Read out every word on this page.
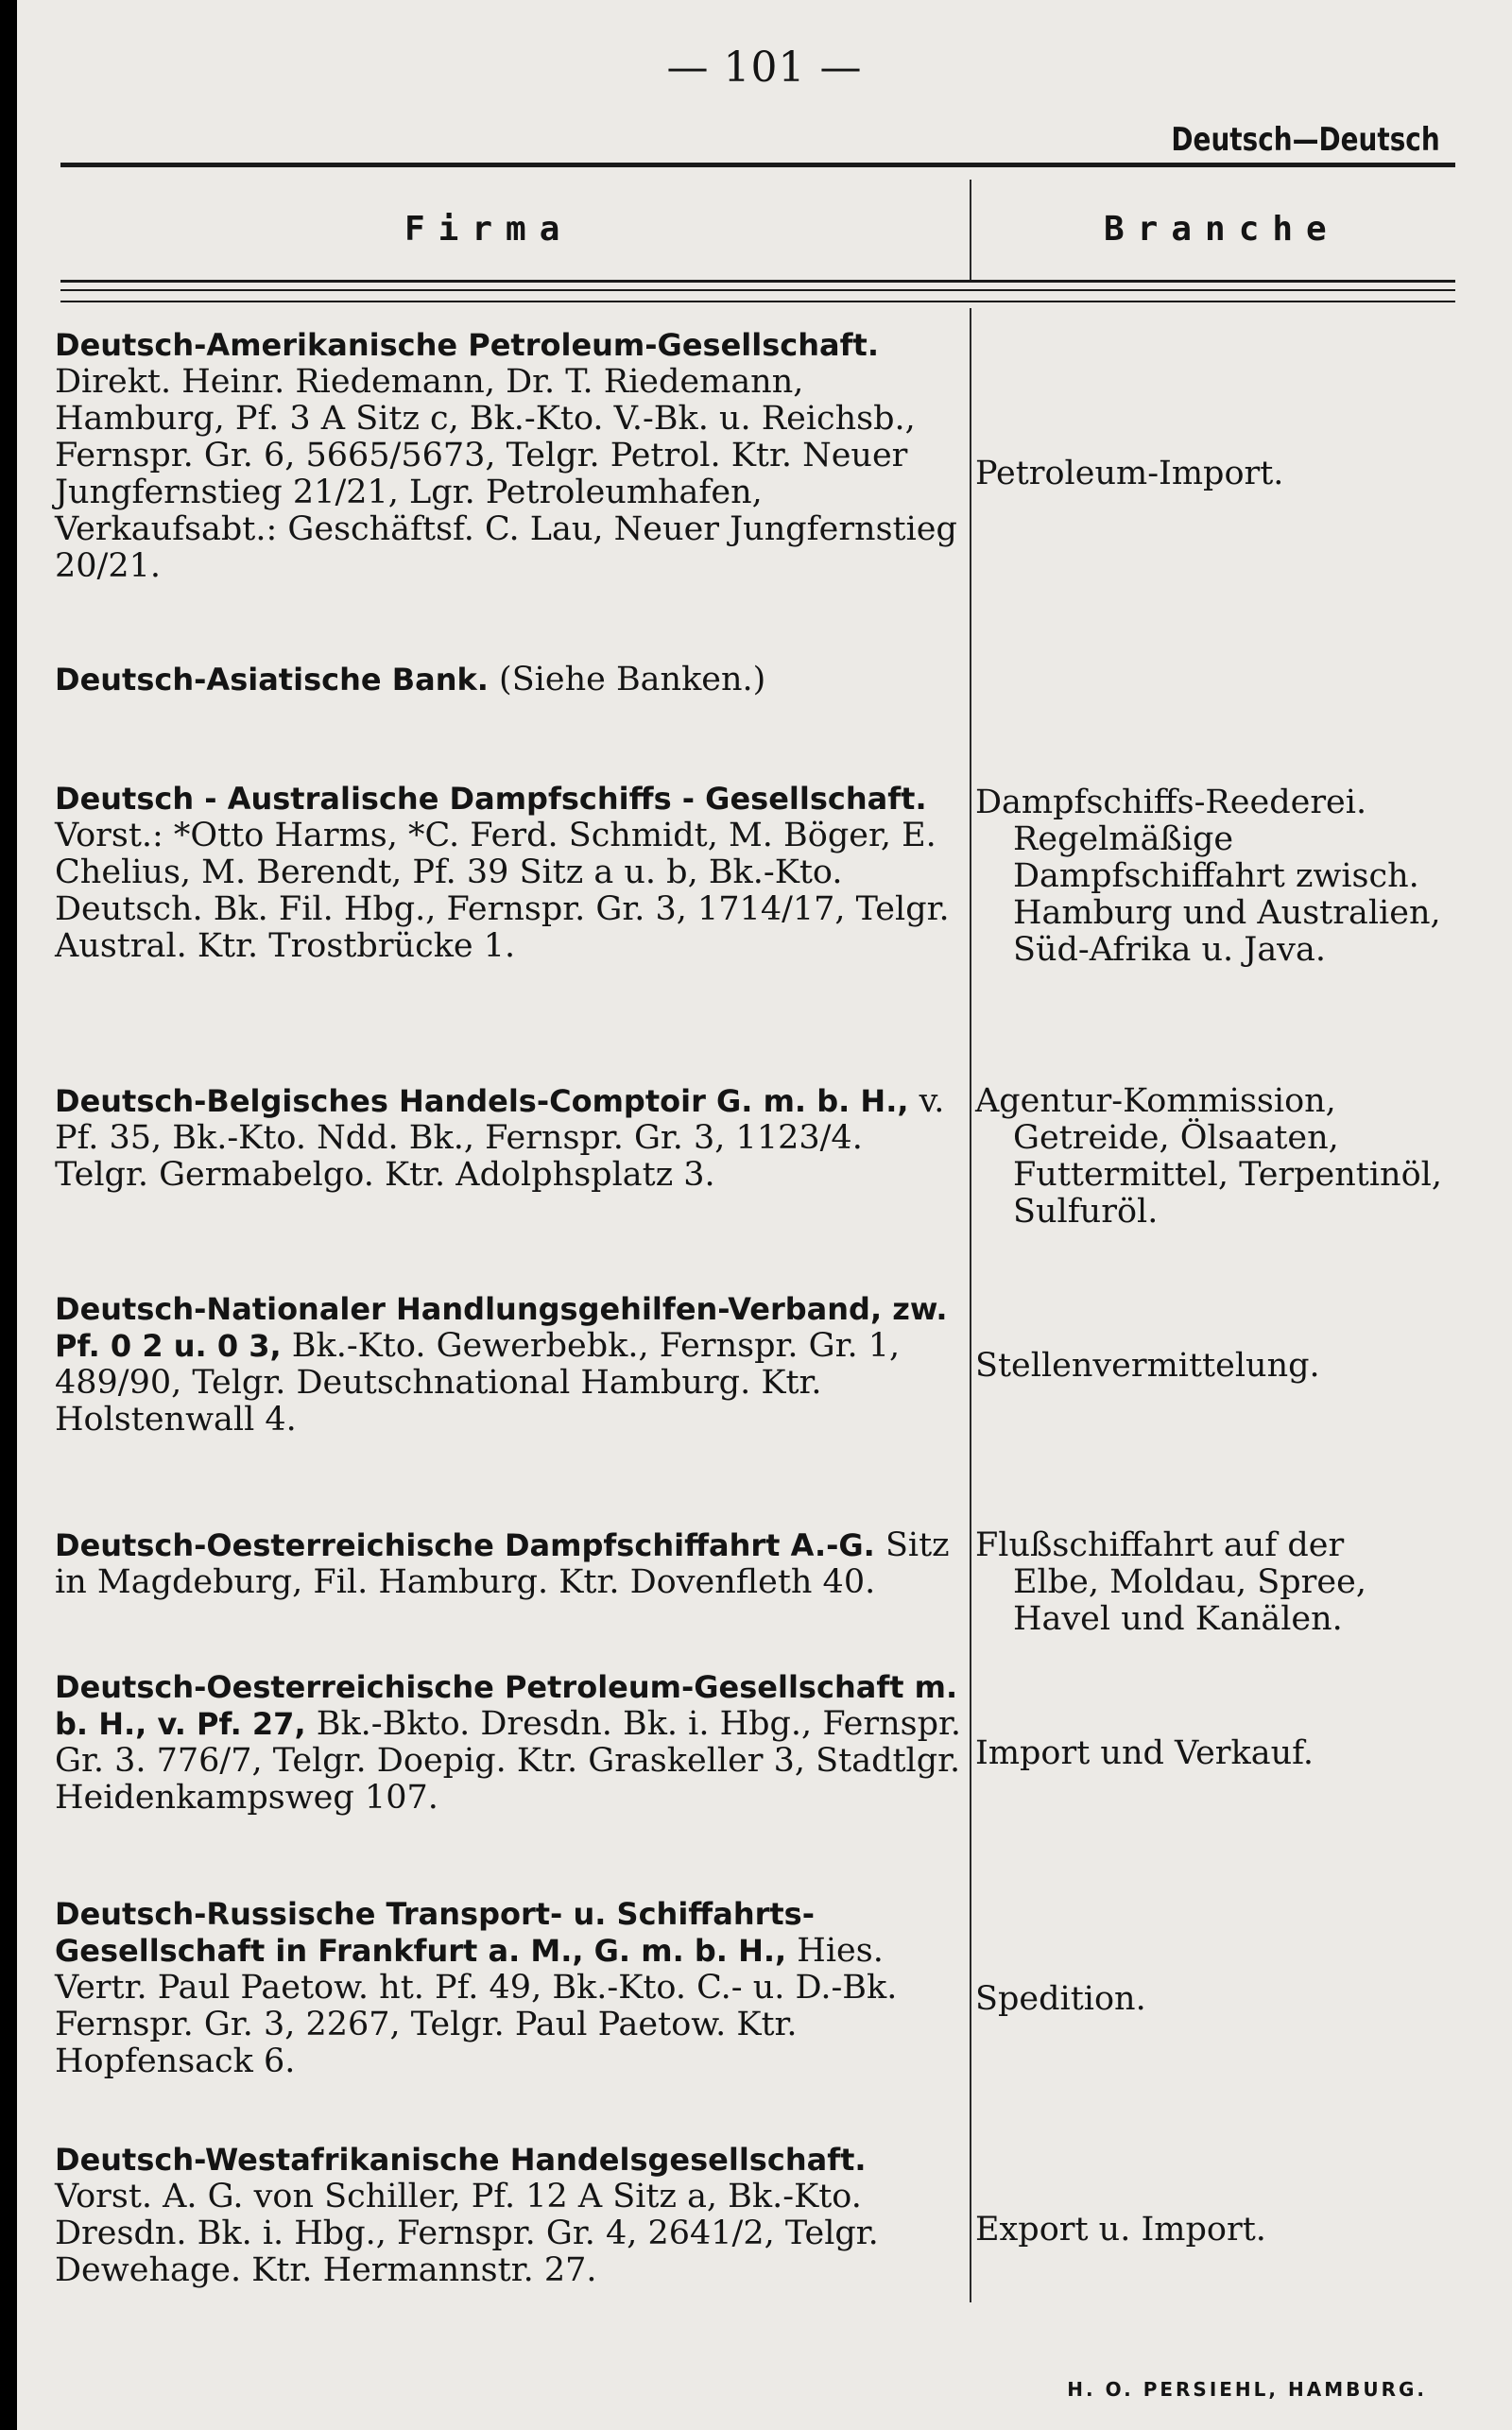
— 101 —
Deutsch—Deutsch
Firma	Branche
Deutsch-Amerikanische Petroleum-Gesellschaft. Direkt. Heinr. Riedemann, Dr. T. Riedemann, Hamburg, Pf. 3 A Sitz c, Bk.-Kto. V.-Bk. u. Reichsb., Fernspr. Gr. 6, 5665/5673, Telgr. Petrol. Ktr. Neuer Jungfernstieg 21/21, Lgr. Petroleumhafen, Verkaufsabt.: Geschäftsf. C. Lau, Neuer Jungfernstieg 20/21.
Petroleum-Import.
Deutsch-Asiatische Bank. (Siehe Banken.)
Deutsch - Australische Dampfschiffs - Gesellschaft. Vorst.: *Otto Harms, *C. Ferd. Schmidt, M. Böger, E. Chelius, M. Berendt, Pf. 39 Sitz a u. b, Bk.-Kto. Deutsch. Bk. Fil. Hbg., Fernspr. Gr. 3, 1714/17, Telgr. Austral. Ktr. Trostbrücke 1.
Dampfschiffs-Reederei.
Regelmäßige Dampfschiffahrt zwisch. Hamburg und Australien, Süd-Afrika u. Java.
Deutsch-Belgisches Handels-Comptoir G. m. b. H., v. Pf. 35, Bk.-Kto. Ndd. Bk., Fernspr. Gr. 3, 1123/4. Telgr. Germabelgo. Ktr. Adolphsplatz 3.
Agentur-Kommission,
Getreide, Ölsaaten, Futtermittel, Terpentinöl, Sulfuröl.
Deutsch-Nationaler Handlungsgehilfen-Verband, zw. Pf. 0 2 u. 0 3, Bk.-Kto. Gewerbebk., Fernspr. Gr. 1, 489/90, Telgr. Deutschnational Hamburg. Ktr. Holstenwall 4.
Stellenvermittelung.
Deutsch-Oesterreichische Dampfschiffahrt A.-G. Sitz in Magdeburg, Fil. Hamburg. Ktr. Dovenfleth 40.
Flußschiffahrt auf der
Elbe, Moldau, Spree, Havel und Kanälen.
Deutsch-Oesterreichische Petroleum-Gesellschaft m. b. H., v. Pf. 27, Bk.-Bkto. Dresdn. Bk. i. Hbg., Fernspr. Gr. 3. 776/7, Telgr. Doepig. Ktr. Graskeller 3, Stadtlgr. Heidenkampsweg 107.
Import und Verkauf.
Deutsch-Russische Transport- u. Schiffahrts-Gesellschaft in Frankfurt a. M., G. m. b. H., Hies. Vertr. Paul Paetow. ht. Pf. 49, Bk.-Kto. C.- u. D.-Bk. Fernspr. Gr. 3, 2267, Telgr. Paul Paetow. Ktr. Hopfensack 6.
Spedition.
Deutsch-Westafrikanische Handelsgesellschaft. Vorst. A. G. von Schiller, Pf. 12 A Sitz a, Bk.-Kto. Dresdn. Bk. i. Hbg., Fernspr. Gr. 4, 2641/2, Telgr. Dewehage. Ktr. Hermannstr. 27.
Export u. Import.
H. O. PERSIEHL, HAMBURG.
